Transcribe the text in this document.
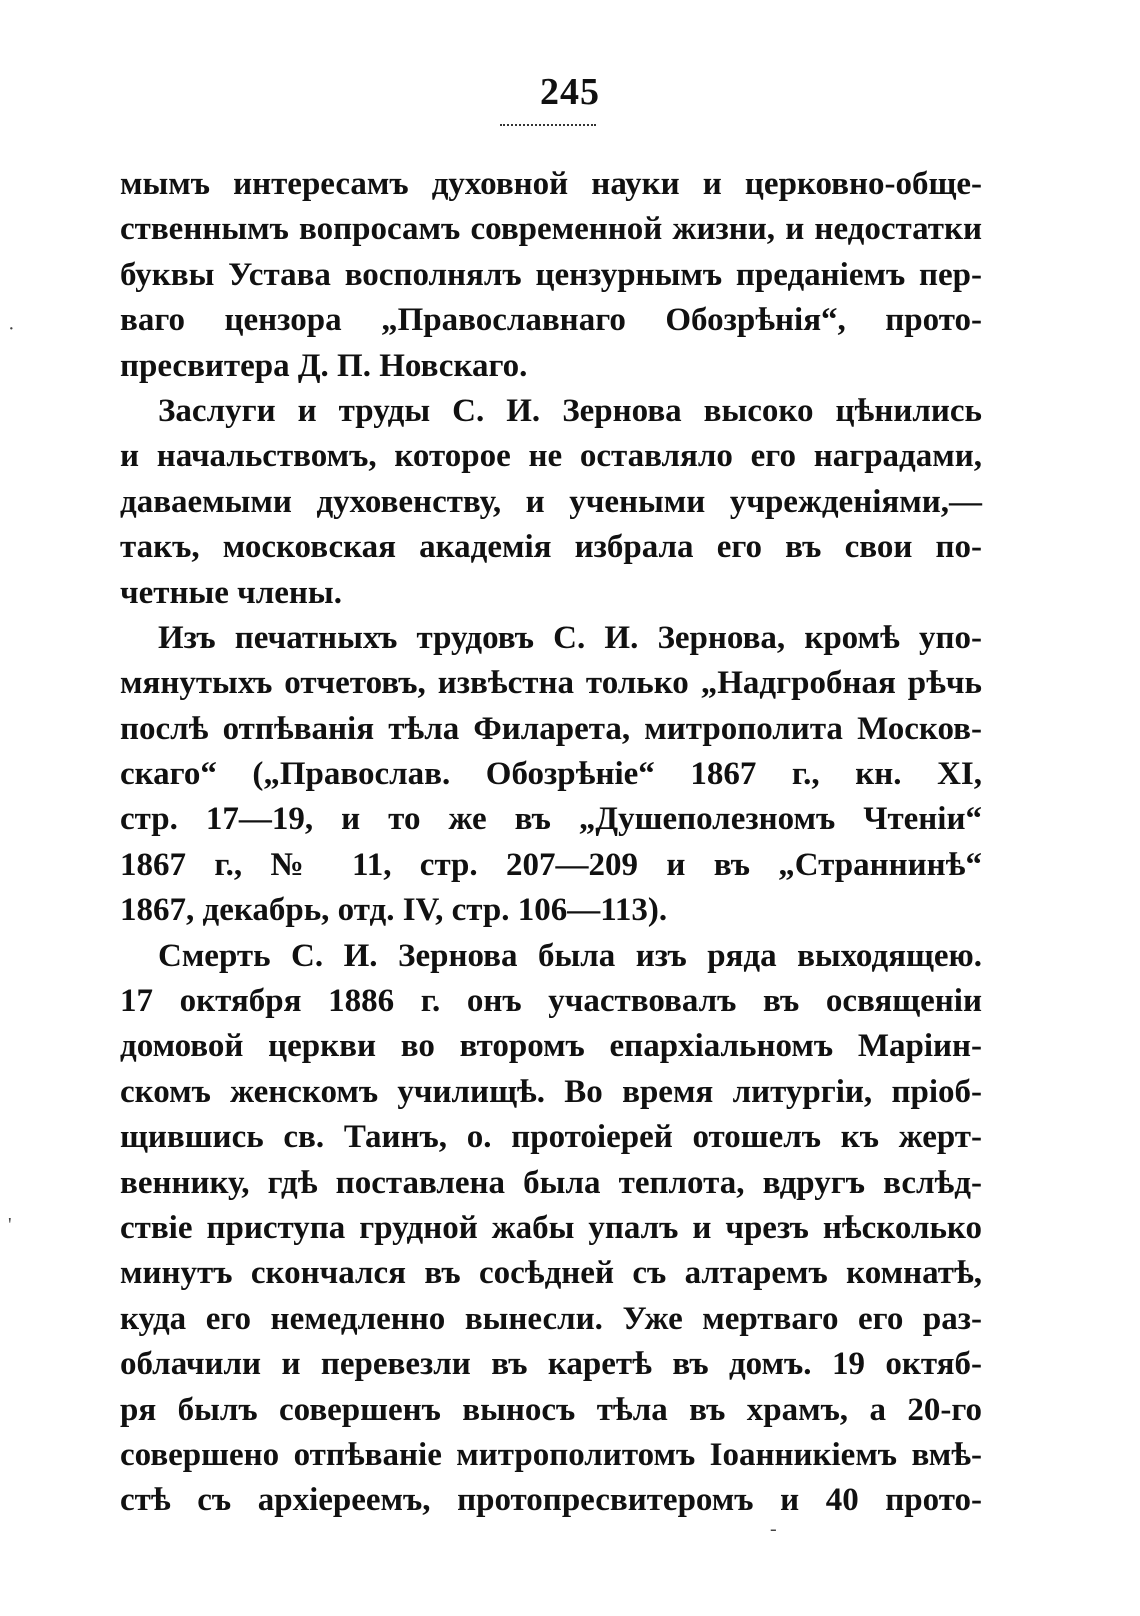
245
·
'
-
мымъ интересамъ духовной науки и церковно-обще-
ственнымъ вопросамъ современной жизни, и недостатки
буквы Устава восполнялъ цензурнымъ преданіемъ пер-
ваго цензора „Православнаго Обозрѣнія“, прото-
пресвитера Д. П. Новскаго.
Заслуги и труды С. И. Зернова высоко цѣнились
и начальствомъ, которое не оставляло его наградами,
даваемыми духовенству, и учеными учрежденіями,—
такъ, московская академія избрала его въ свои по-
четные члены.
Изъ печатныхъ трудовъ С. И. Зернова, кромѣ упо-
мянутыхъ отчетовъ, извѣстна только „Надгробная рѣчь
послѣ отпѣванія тѣла Филарета, митрополита Москов-
скаго“ („Православ. Обозрѣніе“ 1867 г., кн. XI,
стр. 17—19, и то же въ „Душеполезномъ Чтеніи“
1867 г., № 11, стр. 207—209 и въ „Страннинѣ“
1867, декабрь, отд. IV, стр. 106—113).
Смерть С. И. Зернова была изъ ряда выходящею.
17 октября 1886 г. онъ участвовалъ въ освященіи
домовой церкви во второмъ епархіальномъ Маріин-
скомъ женскомъ училищѣ. Во время литургіи, пріоб-
щившись св. Таинъ, о. протоіерей отошелъ къ жерт-
веннику, гдѣ поставлена была теплота, вдругъ вслѣд-
ствіе приступа грудной жабы упалъ и чрезъ нѣсколько
минутъ скончался въ сосѣдней съ алтаремъ комнатѣ,
куда его немедленно вынесли. Уже мертваго его раз-
облачили и перевезли въ каретѣ въ домъ. 19 октяб-
ря былъ совершенъ выносъ тѣла въ храмъ, а 20-го
совершено отпѣваніе митрополитомъ Іоанникіемъ вмѣ-
стѣ съ архіереемъ, протопресвитеромъ и 40 прото-
